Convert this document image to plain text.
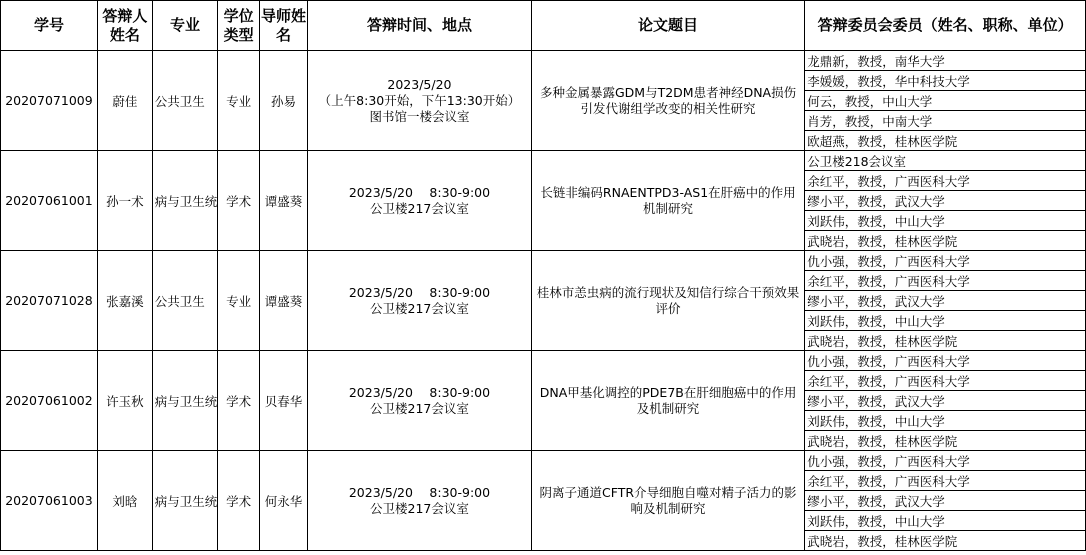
学号	答辩人姓名	专业	学位类型	导师姓名	答辩时间、地点	论文题目	答辩委员会委员（姓名、职称、单位）
20207071009	蔚佳	公共卫生	专业	孙易	2023/5/20
（上午8:30开始，下午13:30开始）
图书馆一楼会议室	多种金属暴露GDM与T2DM患者神经DNA损伤引发代谢组学改变的相关性研究	龙鼎新，教授，南华大学
							李媛媛，教授，华中科技大学
							何云，教授，中山大学
							肖芳，教授，中南大学
							欧超燕，教授，桂林医学院
20207061001	孙一术	病与卫生统	学术	谭盛葵	2023/5/20　 8:30-9:00
公卫楼217会议室	长链非编码RNAENTPD3-AS1在肝癌中的作用机制研究	公卫楼218会议室
							余红平，教授，广西医科大学
							缪小平，教授，武汉大学
							刘跃伟，教授，中山大学
							武晓岩，教授，桂林医学院
20207071028	张嘉溪	公共卫生	专业	谭盛葵	2023/5/20　 8:30-9:00
公卫楼217会议室	桂林市恙虫病的流行现状及知信行综合干预效果评价	仇小强，教授，广西医科大学
							余红平，教授，广西医科大学
							缪小平，教授，武汉大学
							刘跃伟，教授，中山大学
							武晓岩，教授，桂林医学院
20207061002	许玉秋	病与卫生统	学术	贝春华	2023/5/20　 8:30-9:00
公卫楼217会议室	DNA甲基化调控的PDE7B在肝细胞癌中的作用及机制研究	仇小强，教授，广西医科大学
							余红平，教授，广西医科大学
							缪小平，教授，武汉大学
							刘跃伟，教授，中山大学
							武晓岩，教授，桂林医学院
20207061003	刘晗	病与卫生统	学术	何永华	2023/5/20　 8:30-9:00
公卫楼217会议室	阴离子通道CFTR介导细胞自噬对精子活力的影响及机制研究	仇小强，教授，广西医科大学
							余红平，教授，广西医科大学
							缪小平，教授，武汉大学
							刘跃伟，教授，中山大学
							武晓岩，教授，桂林医学院
